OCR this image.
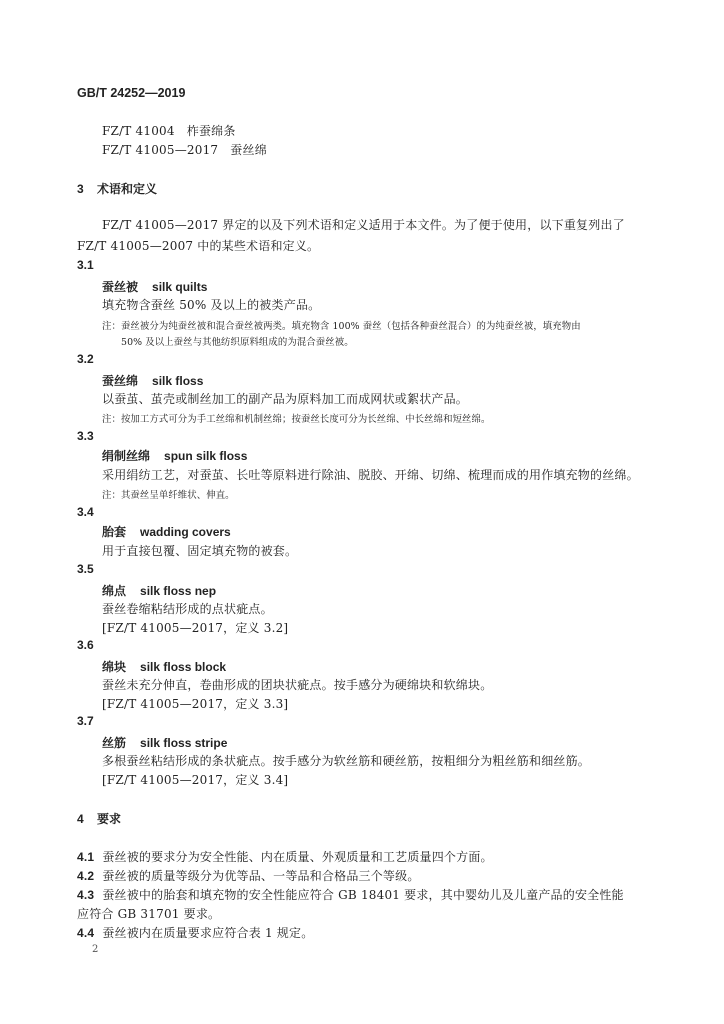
GB/T 24252—2019
FZ/T 41004 柞蚕绵条
FZ/T 41005—2017 蚕丝绵
3 术语和定义
FZ/T 41005—2017 界定的以及下列术语和定义适用于本文件。为了便于使用，以下重复列出了
FZ/T 41005—2007 中的某些术语和定义。
3.1
蚕丝被 silk quilts
填充物含蚕丝 50% 及以上的被类产品。
注：蚕丝被分为纯蚕丝被和混合蚕丝被两类。填充物含 100% 蚕丝（包括各种蚕丝混合）的为纯蚕丝被，填充物由
50% 及以上蚕丝与其他纺织原料组成的为混合蚕丝被。
3.2
蚕丝绵 silk floss
以蚕茧、茧壳或制丝加工的副产品为原料加工而成网状或絮状产品。
注：按加工方式可分为手工丝绵和机制丝绵；按蚕丝长度可分为长丝绵、中长丝绵和短丝绵。
3.3
绢制丝绵 spun silk floss
采用绢纺工艺，对蚕茧、长吐等原料进行除油、脱胶、开绵、切绵、梳理而成的用作填充物的丝绵。
注：其蚕丝呈单纤维状、伸直。
3.4
胎套 wadding covers
用于直接包覆、固定填充物的被套。
3.5
绵点 silk floss nep
蚕丝卷缩粘结形成的点状疵点。
[FZ/T 41005—2017，定义 3.2]
3.6
绵块 silk floss block
蚕丝未充分伸直，卷曲形成的团块状疵点。按手感分为硬绵块和软绵块。
[FZ/T 41005—2017，定义 3.3]
3.7
丝筋 silk floss stripe
多根蚕丝粘结形成的条状疵点。按手感分为软丝筋和硬丝筋，按粗细分为粗丝筋和细丝筋。
[FZ/T 41005—2017，定义 3.4]
4 要求
4.1 蚕丝被的要求分为安全性能、内在质量、外观质量和工艺质量四个方面。
4.2 蚕丝被的质量等级分为优等品、一等品和合格品三个等级。
4.3 蚕丝被中的胎套和填充物的安全性能应符合 GB 18401 要求，其中婴幼儿及儿童产品的安全性能
应符合 GB 31701 要求。
4.4 蚕丝被内在质量要求应符合表 1 规定。
2
